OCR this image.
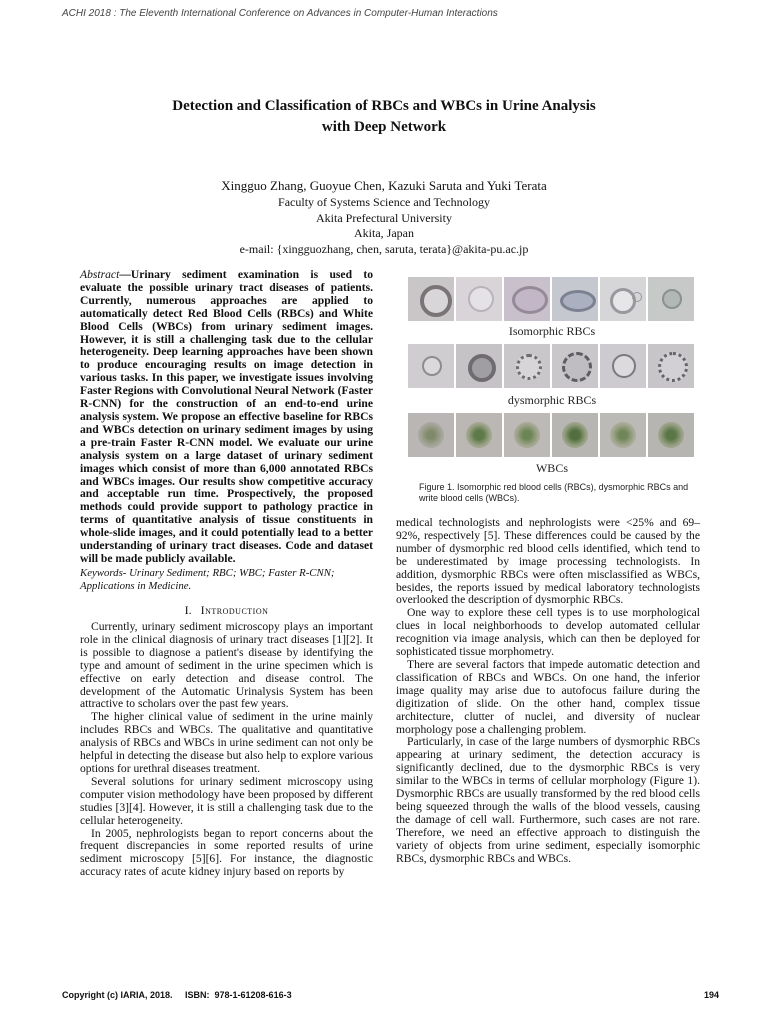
ACHI 2018 : The Eleventh International Conference on Advances in Computer-Human Interactions
Detection and Classification of RBCs and WBCs in Urine Analysis
with Deep Network
Xingguo Zhang, Guoyue Chen, Kazuki Saruta and Yuki Terata
Faculty of Systems Science and Technology
Akita Prefectural University
Akita, Japan
e-mail: {xingguozhang, chen, saruta, terata}@akita-pu.ac.jp
Abstract—Urinary sediment examination is used to evaluate the possible urinary tract diseases of patients. Currently, numerous approaches are applied to automatically detect Red Blood Cells (RBCs) and White Blood Cells (WBCs) from urinary sediment images. However, it is still a challenging task due to the cellular heterogeneity. Deep learning approaches have been shown to produce encouraging results on image detection in various tasks. In this paper, we investigate issues involving Faster Regions with Convolutional Neural Network (Faster R-CNN) for the construction of an end-to-end urine analysis system. We propose an effective baseline for RBCs and WBCs detection on urinary sediment images by using a pre-train Faster R-CNN model. We evaluate our urine analysis system on a large dataset of urinary sediment images which consist of more than 6,000 annotated RBCs and WBCs images. Our results show competitive accuracy and acceptable run time. Prospectively, the proposed methods could provide support to pathology practice in terms of quantitative analysis of tissue constituents in whole-slide images, and it could potentially lead to a better understanding of urinary tract diseases. Code and dataset will be made publicly available.
Keywords- Urinary Sediment; RBC; WBC; Faster R-CNN; Applications in Medicine.
I. Introduction

Currently, urinary sediment microscopy plays an important role in the clinical diagnosis of urinary tract diseases [1][2]. It is possible to diagnose a patient's disease by identifying the type and amount of sediment in the urine specimen which is effective on early detection and disease control. The development of the Automatic Urinalysis System has been attractive to scholars over the past few years.

The higher clinical value of sediment in the urine mainly includes RBCs and WBCs. The qualitative and quantitative analysis of RBCs and WBCs in urine sediment can not only be helpful in detecting the disease but also help to explore various options for urethral diseases treatment.

Several solutions for urinary sediment microscopy using computer vision methodology have been proposed by different studies [3][4]. However, it is still a challenging task due to the cellular heterogeneity.

In 2005, nephrologists began to report concerns about the frequent discrepancies in some reported results of urine sediment microscopy [5][6]. For instance, the diagnostic accuracy rates of acute kidney injury based on reports by

Isomorphic RBCs
dysmorphic RBCs
WBCs
Figure 1. Isomorphic red blood cells (RBCs), dysmorphic RBCs and write blood cells (WBCs).

medical technologists and nephrologists were <25% and 69–92%, respectively [5]. These differences could be caused by the number of dysmorphic red blood cells identified, which tend to be underestimated by image processing technologists. In addition, dysmorphic RBCs were often misclassified as WBCs, besides, the reports issued by medical laboratory technologists overlooked the description of dysmorphic RBCs.

One way to explore these cell types is to use morphological clues in local neighborhoods to develop automated cellular recognition via image analysis, which can then be deployed for sophisticated tissue morphometry.

There are several factors that impede automatic detection and classification of RBCs and WBCs. On one hand, the inferior image quality may arise due to autofocus failure during the digitization of slide. On the other hand, complex tissue architecture, clutter of nuclei, and diversity of nuclear morphology pose a challenging problem.

Particularly, in case of the large numbers of dysmorphic RBCs appearing at urinary sediment, the detection accuracy is significantly declined, due to the dysmorphic RBCs is very similar to the WBCs in terms of cellular morphology (Figure 1). Dysmorphic RBCs are usually transformed by the red blood cells being squeezed through the walls of the blood vessels, causing the damage of cell wall. Furthermore, such cases are not rare. Therefore, we need an effective approach to distinguish the variety of objects from urine sediment, especially isomorphic RBCs, dysmorphic RBCs and WBCs.

Copyright (c) IARIA, 2018.     ISBN:  978-1-61208-616-3	194
